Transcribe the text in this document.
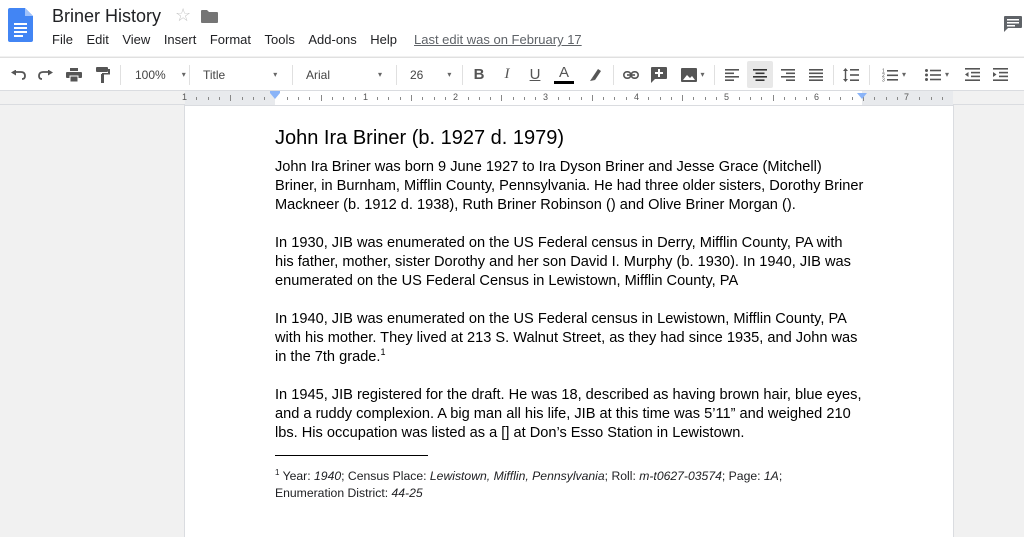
Briner History ☆
File Edit View Insert Format Tools Add-ons Help Last edit was on February 17
100% ▾ Title	▾ Arial	▾ 26	▾	B	I	U	A	▾	1
2
3
▾	▾
1	1	2	3	4	5	6	7
John Ira Briner (b. 1927 d. 1979)

John Ira Briner was born 9 June 1927 to Ira Dyson Briner and Jesse Grace (Mitchell) Briner, in Burnham, Mifflin County, Pennsylvania. He had three older sisters, Dorothy Briner Mackneer (b. 1912 d. 1938), Ruth Briner Robinson () and Olive Briner Morgan ().

In 1930, JIB was enumerated on the US Federal census in Derry, Mifflin County, PA with his father, mother, sister Dorothy and her son David I. Murphy (b. 1930). In 1940, JIB was enumerated on the US Federal Census in Lewistown, Mifflin County, PA

In 1940, JIB was enumerated on the US Federal census in Lewistown, Mifflin County, PA with his mother. They lived at 213 S. Walnut Street, as they had since 1935, and John was in the 7th grade.$^1$

In 1945, JIB registered for the draft. He was 18, described as having brown hair, blue eyes, and a ruddy complexion. A big man all his life, JIB at this time was 5’11” and weighed 210 lbs. His occupation was listed as a [] at Don’s Esso Station in Lewistown.

$^1$ Year: 1940; Census Place: Lewistown, Mifflin, Pennsylvania; Roll: m-t0627-03574; Page: 1A;
Enumeration District: 44-25
